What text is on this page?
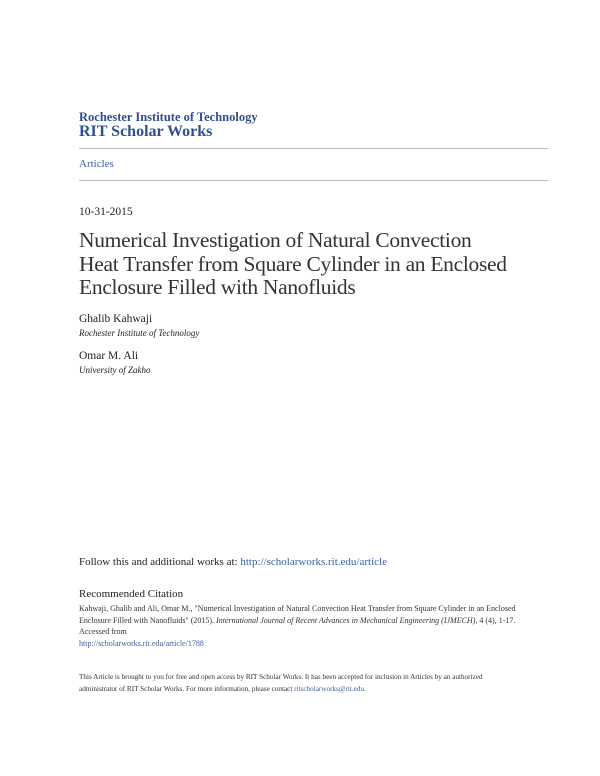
Rochester Institute of Technology
RIT Scholar Works
Articles
10-31-2015
Numerical Investigation of Natural Convection
Heat Transfer from Square Cylinder in an Enclosed
Enclosure Filled with Nanofluids
Ghalib Kahwaji
Rochester Institute of Technology
Omar M. Ali
University of Zakho
Follow this and additional works at: http://scholarworks.rit.edu/article
Recommended Citation
Kahwaji, Ghalib and Ali, Omar M., "Numerical Investigation of Natural Convection Heat Transfer from Square Cylinder in an Enclosed Enclosure Filled with Nanofluids" (2015). International Journal of Recent Advances in Mechanical Engineering (IJMECH), 4 (4), 1-17. Accessed from
http://scholarworks.rit.edu/article/1788
This Article is brought to you for free and open access by RIT Scholar Works. It has been accepted for inclusion in Articles by an authorized administrator of RIT Scholar Works. For more information, please contact ritscholarworks@rit.edu.
